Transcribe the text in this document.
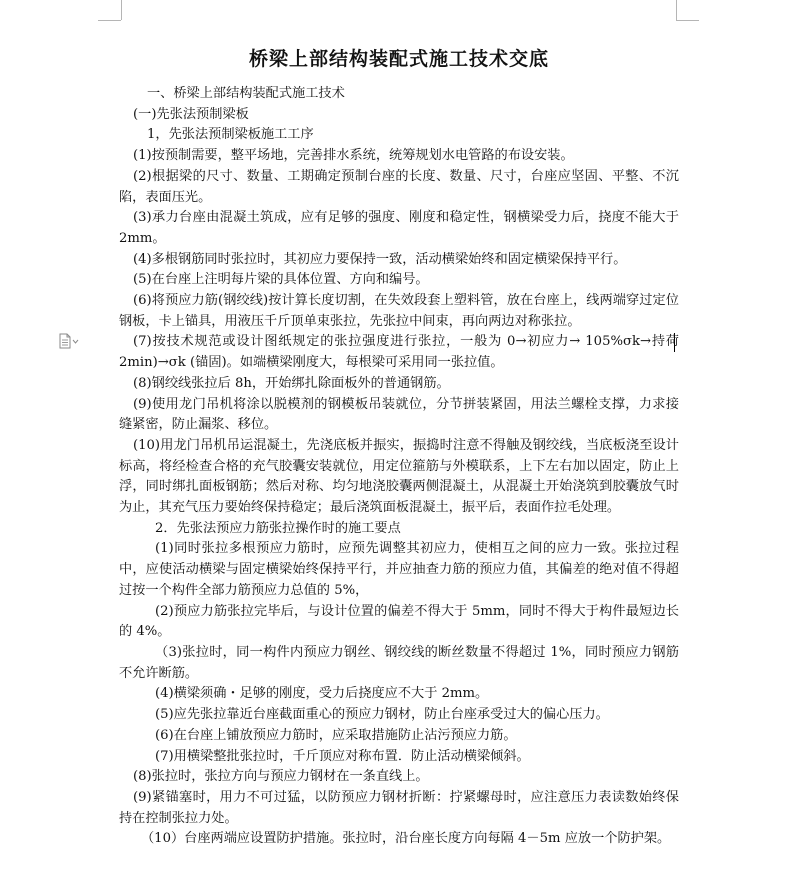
桥梁上部结构装配式施工技术交底

一、桥梁上部结构装配式施工技术

(一)先张法预制梁板

1，先张法预制梁板施工工序

(1)按预制需要，整平场地，完善排水系统，统筹规划水电管路的布设安装。

(2)根据梁的尺寸、数量、工期确定预制台座的长度、数量、尺寸，台座应坚固、平整、不沉陷，表面压光。

(3)承力台座由混凝土筑成，应有足够的强度、刚度和稳定性，钢横梁受力后，挠度不能大于 2mm。

(4)多根钢筋同时张拉时，其初应力要保持一致，活动横梁始终和固定横梁保持平行。

(5)在台座上注明每片梁的具体位置、方向和编号。

(6)将预应力筋(钢绞线)按计算长度切割，在失效段套上塑料管，放在台座上，线两端穿过定位钢板，卡上锚具，用液压千斤顶单束张拉，先张拉中间束，再向两边对称张拉。

(7)按技术规范或设计图纸规定的张拉强度进行张拉，一般为 0→初应力→ 105%σk→持荷2min)→σk (锚固)。如端横梁刚度大，每根梁可采用同一张拉值。

(8)钢绞线张拉后 8h，开始绑扎除面板外的普通钢筋。

(9)使用龙门吊机将涂以脱模剂的钢模板吊装就位，分节拼装紧固，用法兰螺栓支撑，力求接缝紧密，防止漏浆、移位。

(10)用龙门吊机吊运混凝土，先浇底板并振实，振捣时注意不得触及钢绞线，当底板浇至设计标高，将经检查合格的充气胶囊安装就位，用定位箍筋与外模联系，上下左右加以固定，防止上浮，同时绑扎面板钢筋；然后对称、均匀地浇胶囊两侧混凝土，从混凝土开始浇筑到胶囊放气时为止，其充气压力要始终保持稳定；最后浇筑面板混凝土，振平后，表面作拉毛处理。

2．先张法预应力筋张拉操作时的施工要点

(1)同时张拉多根预应力筋时，应预先调整其初应力，使相互之间的应力一致。张拉过程中，应使活动横梁与固定横梁始终保持平行，并应抽查力筋的预应力值，其偏差的绝对值不得超过按一个构件全部力筋预应力总值的 5%，

(2)预应力筋张拉完毕后，与设计位置的偏差不得大于 5mm，同时不得大于构件最短边长的 4%。

（3)张拉时，同一构件内预应力钢丝、钢绞线的断丝数量不得超过 1%，同时预应力钢筋不允许断筋。

(4)横梁须确・足够的刚度，受力后挠度应不大于 2mm。

(5)应先张拉靠近台座截面重心的预应力钢材，防止台座承受过大的偏心压力。

(6)在台座上铺放预应力筋时，应采取措施防止沾污预应力筋。

(7)用横梁整批张拉时，千斤顶应对称布置．防止活动横梁倾斜。

(8)张拉时，张拉方向与预应力钢材在一条直线上。

(9)紧锚塞时，用力不可过猛，以防预应力钢材折断：拧紧螺母时，应注意压力表读数始终保持在控制张拉力处。

（10）台座两端应设置防护措施。张拉时，沿台座长度方向每隔 4－5m 应放一个防护架。
